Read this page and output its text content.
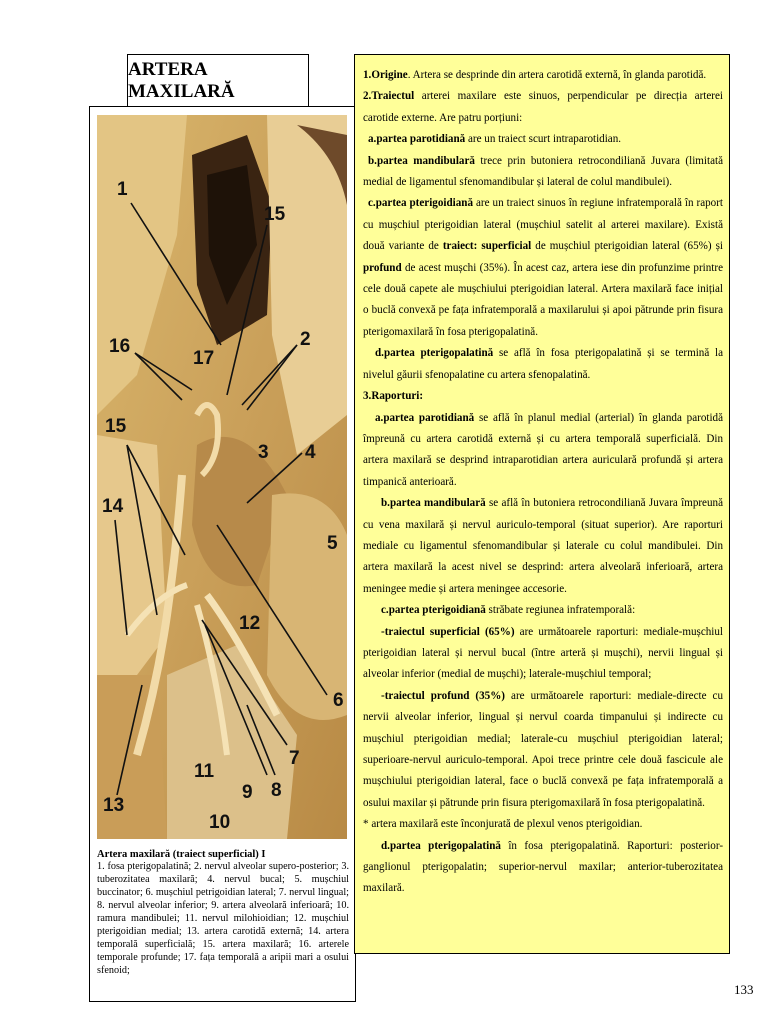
ARTERA MAXILARĂ
1
15
16
17
2
15
3 4
14
5
12
6
7
11
9 8
13
10
Artera maxilară (traiect superficial) I
1. fosa pterigopalatină; 2. nervul alveolar supero-posterior; 3. tuberozitatea maxilară; 4. nervul bucal; 5. mușchiul buccinator; 6. mușchiul petrigoidian lateral; 7. nervul lingual; 8. nervul alveolar inferior; 9. artera alveolară inferioară; 10. ramura mandibulei; 11. nervul milohioidian; 12. mușchiul pterigoidian medial; 13. artera carotidă externă; 14. artera temporală superficială; 15. artera maxilară; 16. arterele temporale profunde; 17. fața temporală a aripii mari a osului sfenoid;

1.Origine. Artera se desprinde din artera carotidă externă, în glanda parotidă.

2.Traiectul arterei maxilare este sinuos, perpendicular pe direcția arterei carotide externe. Are patru porțiuni:

a.partea parotidiană are un traiect scurt intraparotidian.

b.partea mandibulară trece prin butoniera retrocondiliană Juvara (limitată medial de ligamentul sfenomandibular și lateral de colul mandibulei).

c.partea pterigoidiană are un traiect sinuos în regiune infratemporală în raport cu mușchiul pterigoidian lateral (mușchiul satelit al arterei maxilare). Există două variante de traiect: superficial de mușchiul pterigoidian lateral (65%) și profund de acest mușchi (35%). În acest caz, artera iese din profunzime printre cele două capete ale mușchiului pterigoidian lateral. Artera maxilară face inițial o buclă convexă pe fața infratemporală a maxilarului și apoi pătrunde prin fisura pterigomaxilară în fosa pterigopalatină.

d.partea pterigopalatină se află în fosa pterigopalatină și se termină la nivelul găurii sfenopalatine cu artera sfenopalatină.

3.Raporturi:

a.partea parotidiană se află în planul medial (arterial) în glanda parotidă împreună cu artera carotidă externă și cu artera temporală superficială. Din artera maxilară se desprind intraparotidian artera auriculară profundă și artera timpanică anterioară.

b.partea mandibulară se află în butoniera retrocondiliană Juvara împreună cu vena maxilară și nervul auriculo-temporal (situat superior). Are raporturi mediale cu ligamentul sfenomandibular și laterale cu colul mandibulei. Din artera maxilară la acest nivel se desprind: artera alveolară inferioară, artera meningee medie și artera meningee accesorie.

c.partea pterigoidiană străbate regiunea infratemporală:

-traiectul superficial (65%) are următoarele raporturi: mediale-mușchiul pterigoidian lateral și nervul bucal (între arteră și mușchi), nervii lingual și alveolar inferior (medial de mușchi); laterale-mușchiul temporal;

-traiectul profund (35%) are următoarele raporturi: mediale-directe cu nervii alveolar inferior, lingual și nervul coarda timpanului și indirecte cu mușchiul pterigoidian medial; laterale-cu mușchiul pterigoidian lateral; superioare-nervul auriculo-temporal. Apoi trece printre cele două fascicule ale mușchiului pterigoidian lateral, face o buclă convexă pe fața infratemporală a osului maxilar și pătrunde prin fisura pterigomaxilară în fosa pterigopalatină.

* artera maxilară este înconjurată de plexul venos pterigoidian.

d.partea pterigopalatină în fosa pterigopalatină. Raporturi: posterior-ganglionul pterigopalatin; superior-nervul maxilar; anterior-tuberozitatea maxilară.

133
